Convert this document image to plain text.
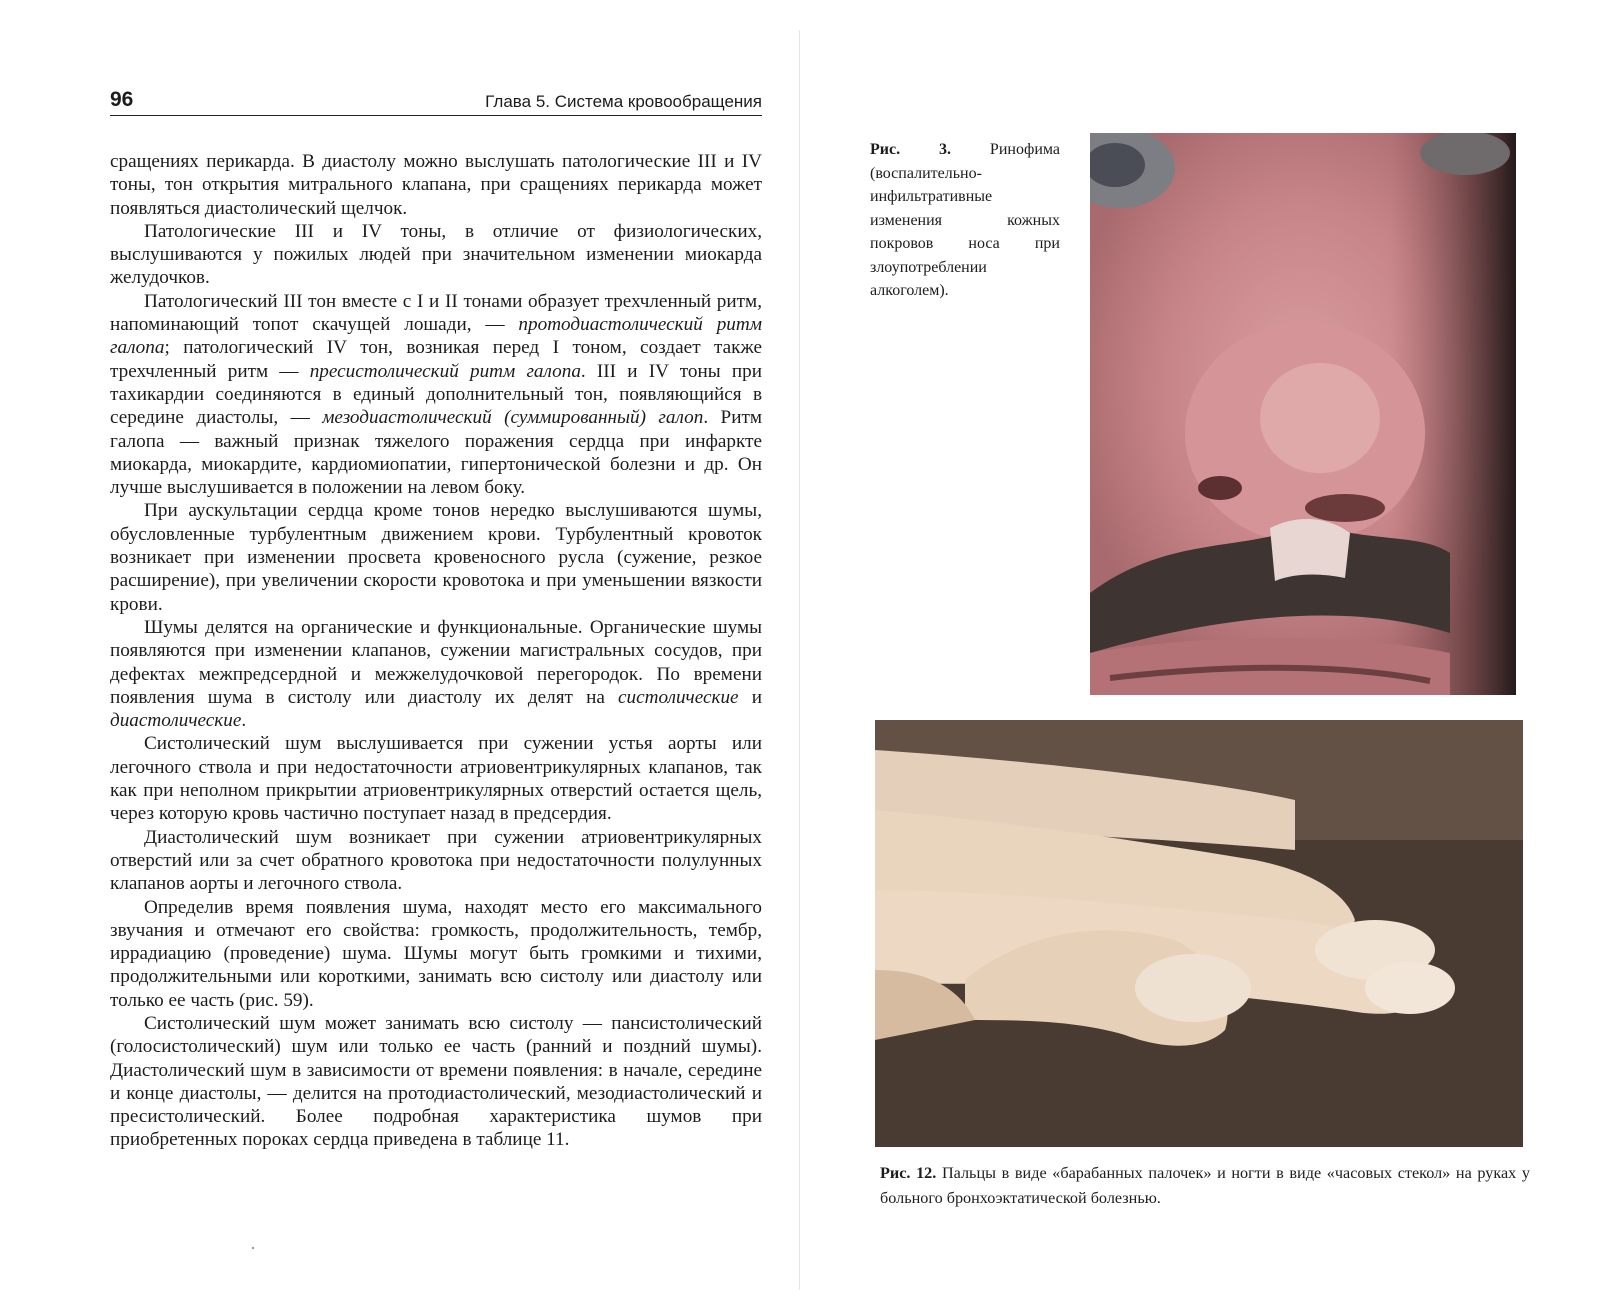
96	Глава 5. Система кровообращения

сращениях перикарда. В диастолу можно выслушать патологические III и IV тоны, тон открытия митрального клапана, при сращениях перикарда может появляться диастолический щелчок.

Патологические III и IV тоны, в отличие от физиологических, выслушиваются у пожилых людей при значительном изменении миокарда желудочков.

Патологический III тон вместе с I и II тонами образует трехчленный ритм, напоминающий топот скачущей лошади, — протодиастолический ритм галопа; патологический IV тон, возникая перед I тоном, создает также трехчленный ритм — пресистолический ритм галопа. III и IV тоны при тахикардии соединяются в единый дополнительный тон, появляющийся в середине диастолы, — мезодиастолический (суммированный) галоп. Ритм галопа — важный признак тяжелого поражения сердца при инфаркте миокарда, миокардите, кардиомиопатии, гипертонической болезни и др. Он лучше выслушивается в положении на левом боку.

При аускультации сердца кроме тонов нередко выслушиваются шумы, обусловленные турбулентным движением крови. Турбулентный кровоток возникает при изменении просвета кровеносного русла (сужение, резкое расширение), при увеличении скорости кровотока и при уменьшении вязкости крови.

Шумы делятся на органические и функциональные. Органические шумы появляются при изменении клапанов, сужении магистральных сосудов, при дефектах межпредсердной и межжелудочковой перегородок. По времени появления шума в систолу или диастолу их делят на систолические и диастолические.

Систолический шум выслушивается при сужении устья аорты или легочного ствола и при недостаточности атриовентрикулярных клапанов, так как при неполном прикрытии атриовентрикулярных отверстий остается щель, через которую кровь частично поступает назад в предсердия.

Диастолический шум возникает при сужении атриовентрикулярных отверстий или за счет обратного кровотока при недостаточности полулунных клапанов аорты и легочного ствола.

Определив время появления шума, находят место его максимального звучания и отмечают его свойства: громкость, продолжительность, тембр, иррадиацию (проведение) шума. Шумы могут быть громкими и тихими, продолжительными или короткими, занимать всю систолу или диастолу или только ее часть (рис. 59).

Систолический шум может занимать всю систолу — пансистолический (голосистолический) шум или только ее часть (ранний и поздний шумы). Диастолический шум в зависимости от времени появления: в начале, середине и конце диастолы, — делится на протодиастолический, мезодиастолический и пресистолический. Более подробная характеристика шумов при приобретенных пороках сердца приведена в таблице 11.

Рис. 3. Ринофима (воспалительно-инфильтративные изменения кожных покровов носа при злоупотреблении алкоголем).
Рис. 12. Пальцы в виде «барабанных палочек» и ногти в виде «часовых стекол» на руках у больного бронхоэктатической болезнью.
